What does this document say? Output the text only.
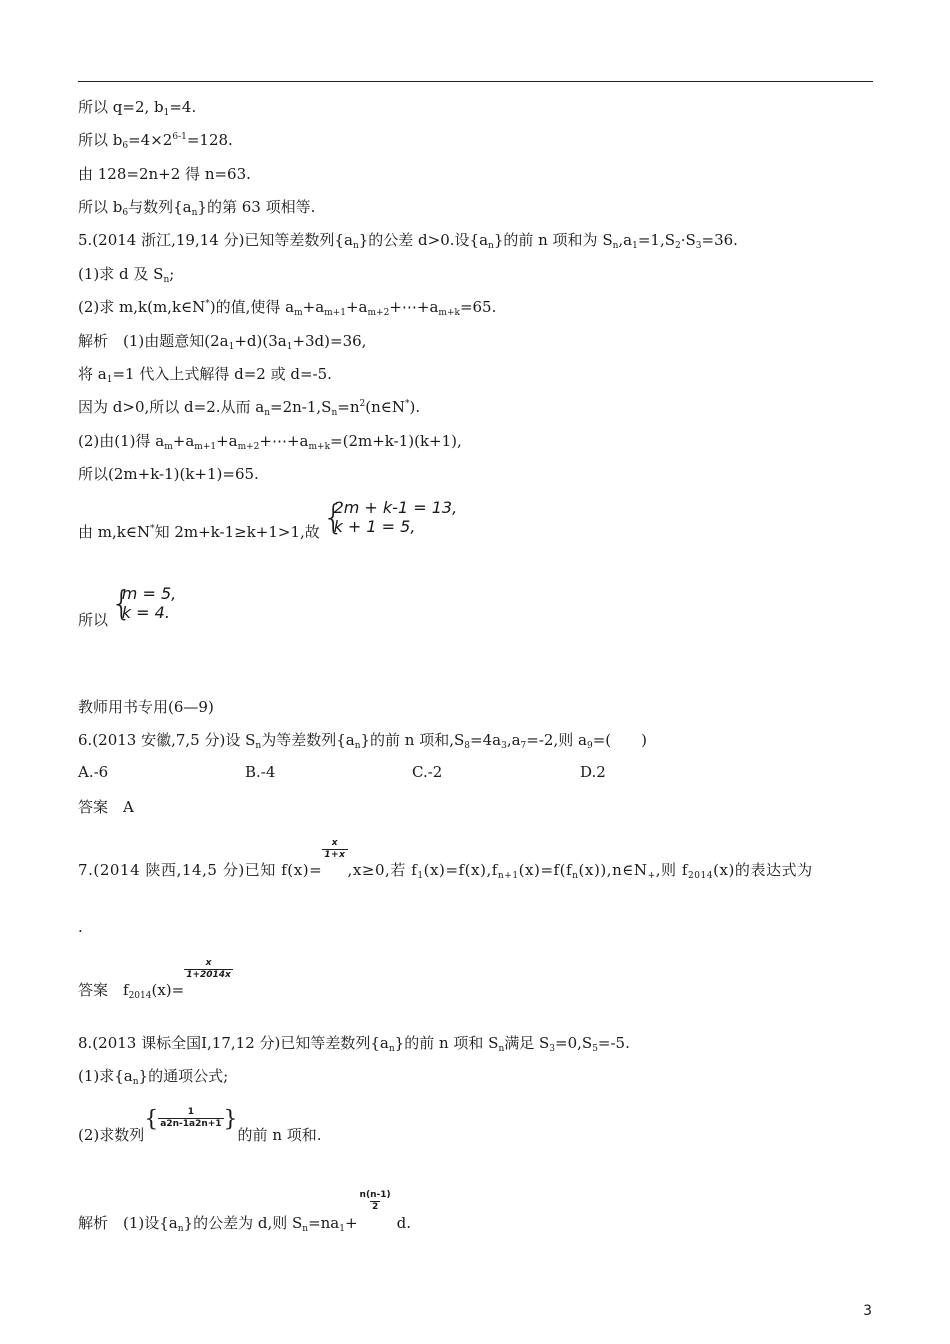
所以 q=2, $b_1=4$.
所以 $b_6=4\times 2^{6-1}=128$.
由 128=2n+2 得 n=63.
所以 $b_6$与数列$\{a_n\}$的第 63 项相等.
5.(2014 浙江,19,14 分)已知等差数列$\{a_n\}$的公差 d>0.设$\{a_n\}$的前 n 项和为 $S_n,a_1=1,S_2\cdot S_3=36$.
(1)求 d 及 $S_n$;
(2)求 m,k(m,k∈N*)的值,使得 $a_m+a_{m+1}+a_{m+2}+\cdots+a_{m+k}=65$.
解析　(1)由题意知$(2a_1+d)(3a_1+3d)=36$,
将 $a_1=1$ 代入上式解得 d=2 或 d=-5.
因为 d>0,所以 d=2.从而 $a_n=2n-1,S_n=n^2(n\in N^*)$.
(2)由(1)得 $a_m+a_{m+1}+a_{m+2}+\cdots+a_{m+k}=(2m+k-1)(k+1)$,
所以(2m+k-1)(k+1)=65.
由 m,k∈N*知 2m+k-1≥k+1>1,故 {
2m + k-1 = 13,
k + 1 = 5,
所以 {
m = 5,
k = 4.
教师用书专用(6—9)
6.(2013 安徽,7,5 分)设 $S_n$为等差数列$\{a_n\}$的前 n 项和$,S_8=4a_3,a_7=-2$,则 $a_9=$(　　)
A.-6	B.-4	C.-2	D.2
答案　A
7.(2014 陕西,14,5 分)已知 f(x)=
$\frac{x}{1+x}$
,x≥0,若 $f_1(x)=f(x),f_{n+1}(x)=f(f_n(x)),n\in N_+$,则 $f_{2014}(x)$的表达式为
.
答案　$f_{2014}(x)=$
$\frac{x}{1+2014x}$
8.(2013 课标全国Ⅰ,17,12 分)已知等差数列$\{a_n\}$的前 n 项和 $S_n$满足 $S_3=0,S_5=-5$.
(1)求$\{a_n\}$的通项公式;
(2)求数列{ $\frac{1}{a2n-1a2n+1}$ }的前 n 项和.
解析　(1)设$\{a_n\}$的公差为 d,则 $S_n=na_1+$
$\frac{n(n-1)}{2}$
d.
3
